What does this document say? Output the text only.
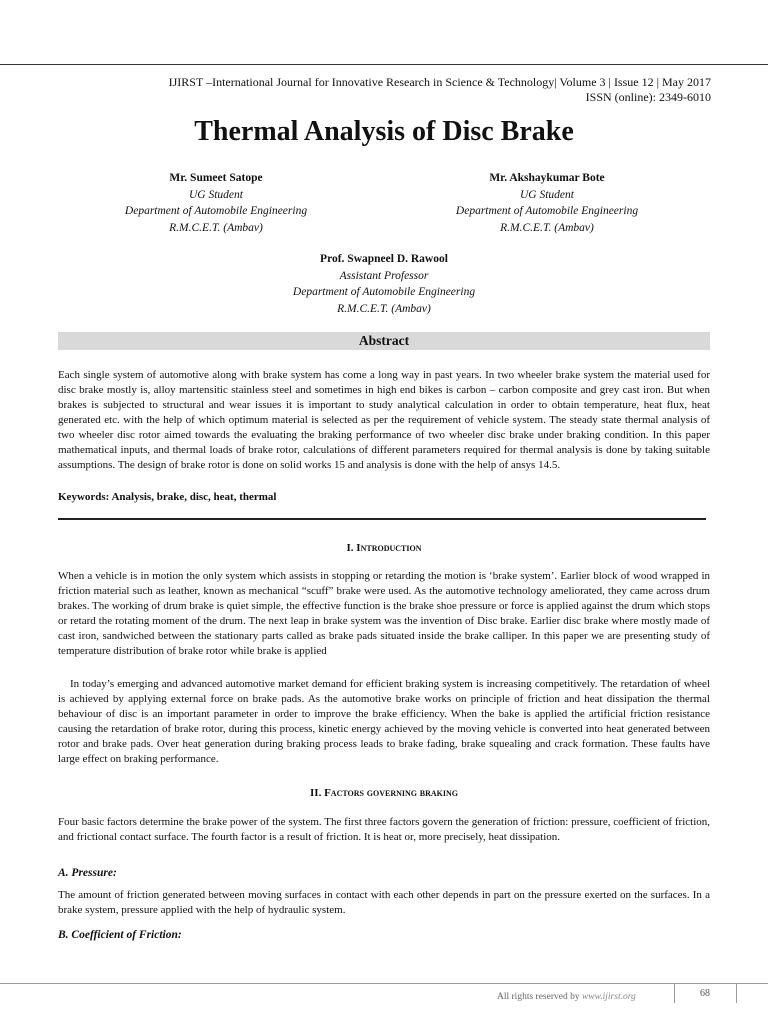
IJIRST –International Journal for Innovative Research in Science & Technology| Volume 3 | Issue 12 | May 2017
ISSN (online): 2349-6010
Thermal Analysis of Disc Brake
Mr. Sumeet Satope
UG Student
Department of Automobile Engineering
R.M.C.E.T. (Ambav)
Mr. Akshaykumar Bote
UG Student
Department of Automobile Engineering
R.M.C.E.T. (Ambav)
Prof. Swapneel D. Rawool
Assistant Professor
Department of Automobile Engineering
R.M.C.E.T. (Ambav)
Abstract
Each single system of automotive along with brake system has come a long way in past years. In two wheeler brake system the material used for disc brake mostly is, alloy martensitic stainless steel and sometimes in high end bikes is carbon – carbon composite and grey cast iron. But when brakes is subjected to structural and wear issues it is important to study analytical calculation in order to obtain temperature, heat flux, heat generated etc. with the help of which optimum material is selected as per the requirement of vehicle system. The steady state thermal analysis of two wheeler disc rotor aimed towards the evaluating the braking performance of two wheeler disc brake under braking condition. In this paper mathematical inputs, and thermal loads of brake rotor, calculations of different parameters required for thermal analysis is done by taking suitable assumptions. The design of brake rotor is done on solid works 15 and analysis is done with the help of ansys 14.5.
Keywords: Analysis, brake, disc, heat, thermal
I. Introduction
When a vehicle is in motion the only system which assists in stopping or retarding the motion is ‘brake system’. Earlier block of wood wrapped in friction material such as leather, known as mechanical “scuff” brake were used. As the automotive technology ameliorated, they came across drum brakes. The working of drum brake is quiet simple, the effective function is the brake shoe pressure or force is applied against the drum which stops or retard the rotating moment of the drum. The next leap in brake system was the invention of Disc brake. Earlier disc brake where mostly made of cast iron, sandwiched between the stationary parts called as brake pads situated inside the brake calliper. In this paper we are presenting study of temperature distribution of brake rotor while brake is applied
In today’s emerging and advanced automotive market demand for efficient braking system is increasing competitively. The retardation of wheel is achieved by applying external force on brake pads. As the automotive brake works on principle of friction and heat dissipation the thermal behaviour of disc is an important parameter in order to improve the brake efficiency. When the bake is applied the artificial friction resistance causing the retardation of brake rotor, during this process, kinetic energy achieved by the moving vehicle is converted into heat generated between rotor and brake pads. Over heat generation during braking process leads to brake fading, brake squealing and crack formation. These faults have large effect on braking performance.
II. Factors governing braking
Four basic factors determine the brake power of the system. The first three factors govern the generation of friction: pressure, coefficient of friction, and frictional contact surface. The fourth factor is a result of friction. It is heat or, more precisely, heat dissipation.
A. Pressure:
The amount of friction generated between moving surfaces in contact with each other depends in part on the pressure exerted on the surfaces. In a brake system, pressure applied with the help of hydraulic system.
B. Coefficient of Friction:
All rights reserved by www.ijirst.org	68
